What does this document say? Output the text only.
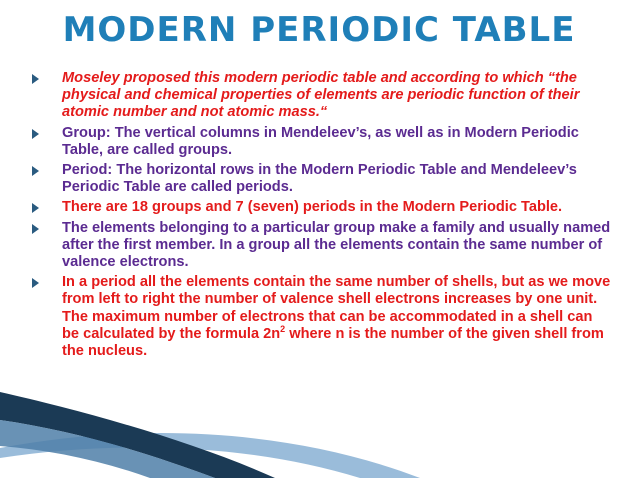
MODERN PERIODIC TABLE
Moseley proposed this modern periodic table and according to which “the physical and chemical properties of elements are periodic function of their atomic number and not atomic mass.“
Group: The vertical columns in Mendeleev’s, as well as in Modern Periodic Table, are called groups.
Period: The horizontal rows in the Modern Periodic Table and Mendeleev’s Periodic Table are called periods.
There are 18 groups and 7 (seven) periods in the Modern Periodic Table.
The elements belonging to a particular group make a family and usually named after the first member. In a group all the elements contain the same number of valence electrons.
In a period all the elements contain the same number of shells, but as we move from left to right the number of valence shell electrons increases by one unit. The maximum number of electrons that can be accommodated in a shell can be calculated by the formula $2n^2$ where n is the number of the given shell from the nucleus.
